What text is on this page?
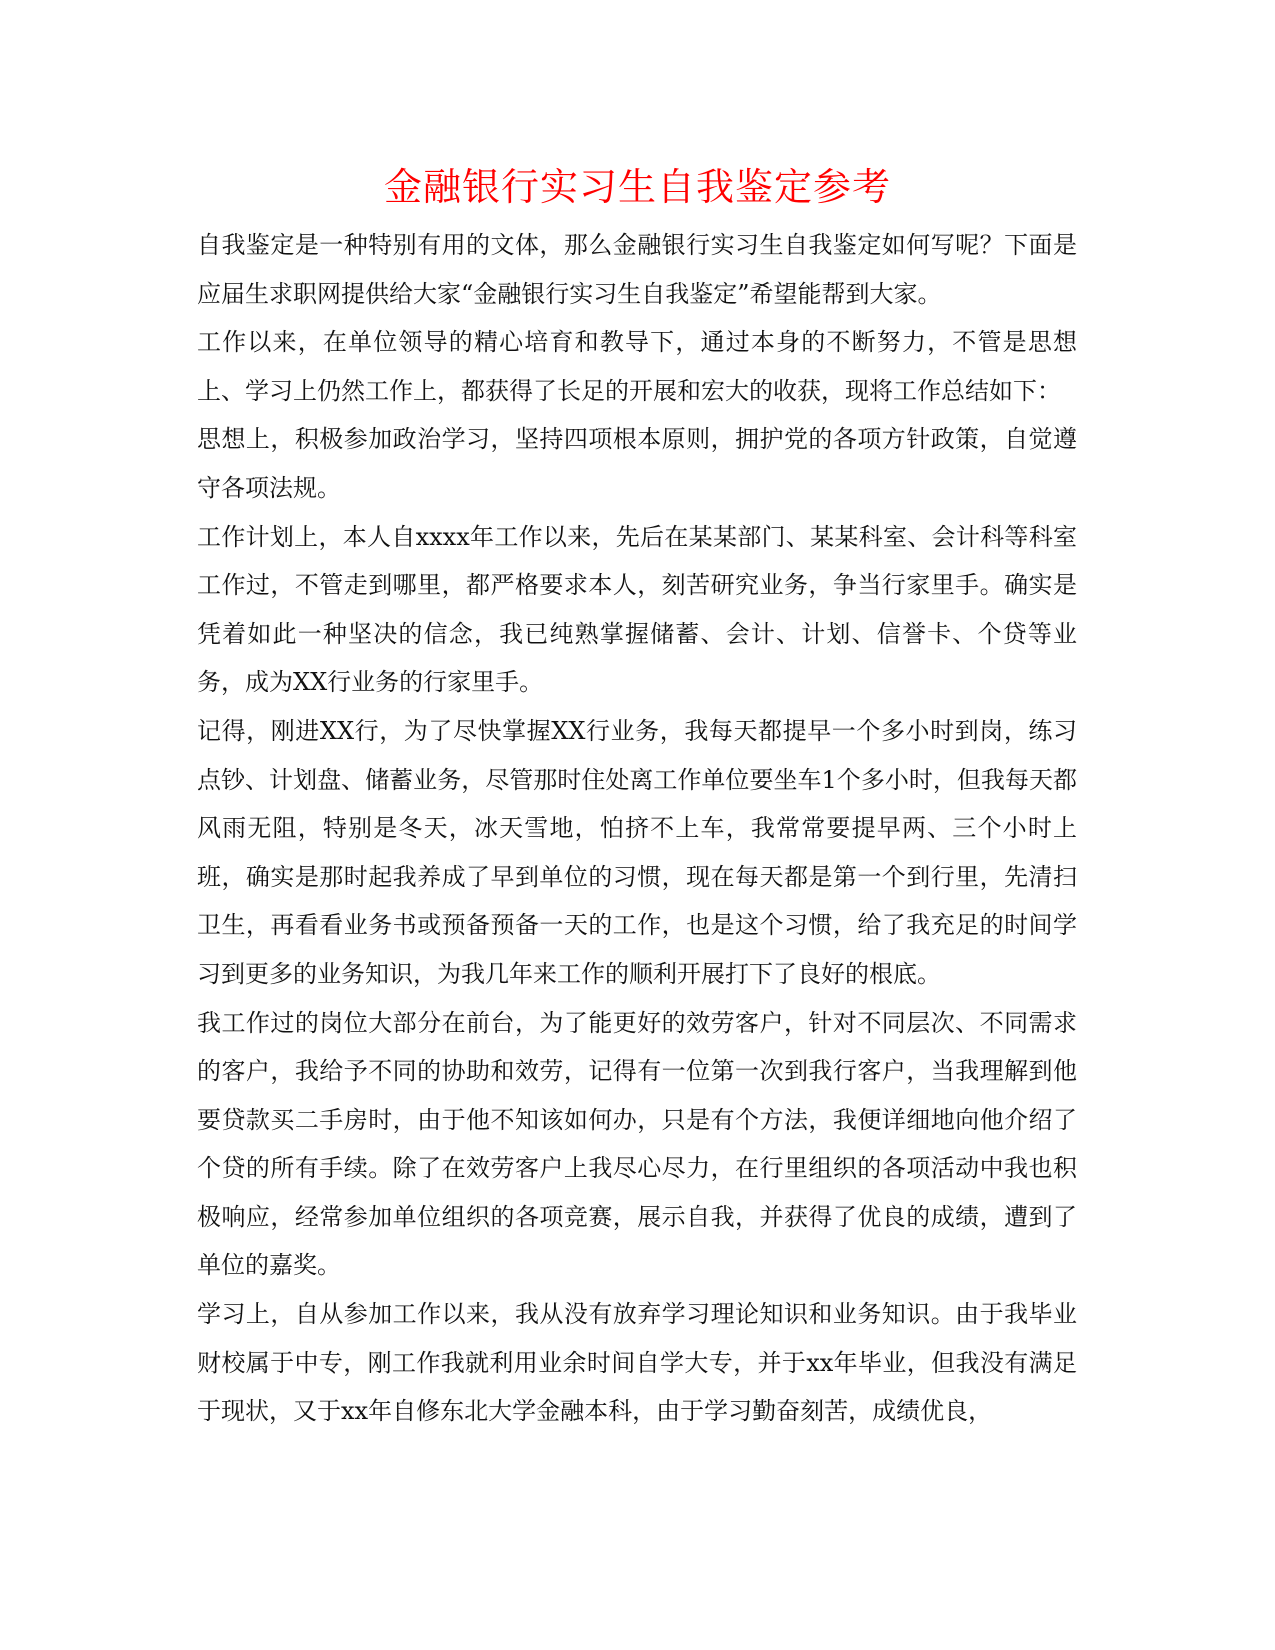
金融银行实习生自我鉴定参考

自我鉴定是一种特别有用的文体，那么金融银行实习生自我鉴定如何写呢？下面是应届生求职网提供给大家“金融银行实习生自我鉴定”希望能帮到大家。

工作以来，在单位领导的精心培育和教导下，通过本身的不断努力，不管是思想上、学习上仍然工作上，都获得了长足的开展和宏大的收获，现将工作总结如下：

思想上，积极参加政治学习，坚持四项根本原则，拥护党的各项方针政策，自觉遵守各项法规。

工作计划上，本人自xxxx年工作以来，先后在某某部门、某某科室、会计科等科室工作过，不管走到哪里，都严格要求本人，刻苦研究业务，争当行家里手。确实是凭着如此一种坚决的信念，我已纯熟掌握储蓄、会计、计划、信誉卡、个贷等业务，成为XX行业务的行家里手。

记得，刚进XX行，为了尽快掌握XX行业务，我每天都提早一个多小时到岗，练习点钞、计划盘、储蓄业务，尽管那时住处离工作单位要坐车1个多小时，但我每天都风雨无阻，特别是冬天，冰天雪地，怕挤不上车，我常常要提早两、三个小时上班，确实是那时起我养成了早到单位的习惯，现在每天都是第一个到行里，先清扫卫生，再看看业务书或预备预备一天的工作，也是这个习惯，给了我充足的时间学习到更多的业务知识，为我几年来工作的顺利开展打下了良好的根底。

我工作过的岗位大部分在前台，为了能更好的效劳客户，针对不同层次、不同需求的客户，我给予不同的协助和效劳，记得有一位第一次到我行客户，当我理解到他要贷款买二手房时，由于他不知该如何办，只是有个方法，我便详细地向他介绍了个贷的所有手续。除了在效劳客户上我尽心尽力，在行里组织的各项活动中我也积极响应，经常参加单位组织的各项竞赛，展示自我，并获得了优良的成绩，遭到了单位的嘉奖。

学习上，自从参加工作以来，我从没有放弃学习理论知识和业务知识。由于我毕业财校属于中专，刚工作我就利用业余时间自学大专，并于xx年毕业，但我没有满足于现状，又于xx年自修东北大学金融本科，由于学习勤奋刻苦，成绩优良，
